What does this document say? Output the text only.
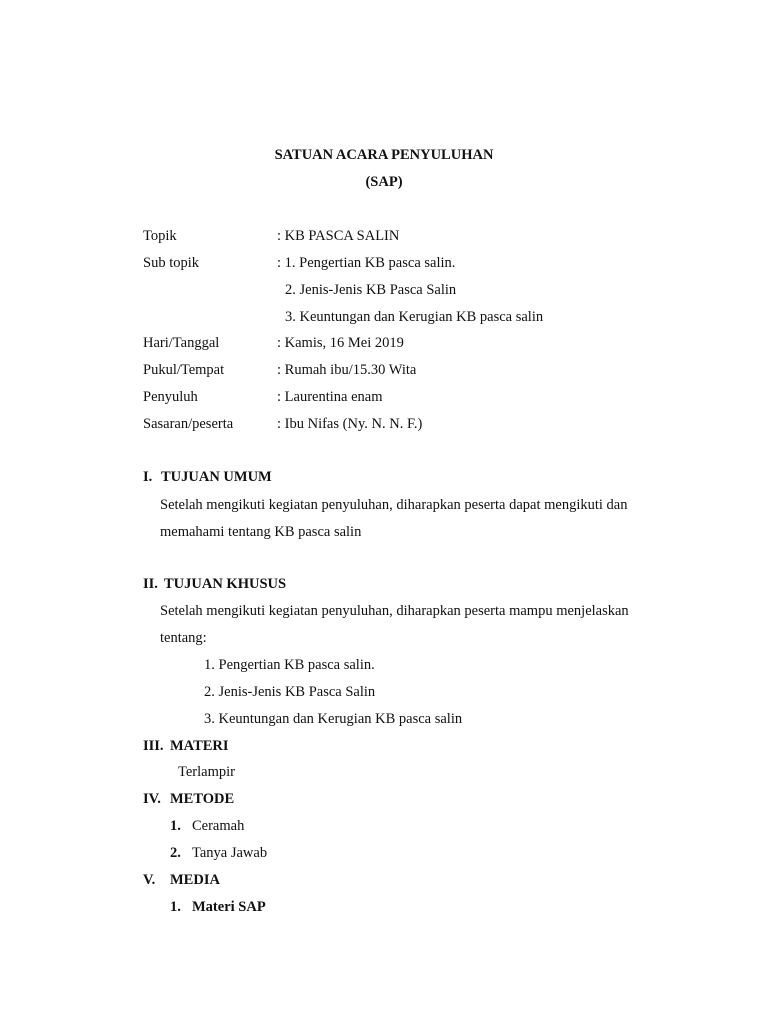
SATUAN ACARA PENYULUHAN
(SAP)
Topik	: KB PASCA SALIN
Sub topik	: 1. Pengertian KB pasca salin.
2. Jenis-Jenis KB Pasca Salin
3. Keuntungan dan Kerugian KB pasca salin
Hari/Tanggal	: Kamis, 16 Mei 2019
Pukul/Tempat	: Rumah ibu/15.30 Wita
Penyuluh	: Laurentina enam
Sasaran/peserta	: Ibu Nifas (Ny. N. N. F.)
I. TUJUAN UMUM
Setelah mengikuti kegiatan penyuluhan, diharapkan peserta dapat mengikuti dan
memahami tentang KB pasca salin
II. TUJUAN KHUSUS
Setelah mengikuti kegiatan penyuluhan, diharapkan peserta mampu menjelaskan
tentang:
1. Pengertian KB pasca salin.
2. Jenis-Jenis KB Pasca Salin
3. Keuntungan dan Kerugian KB pasca salin
III. MATERI
Terlampir
IV. METODE
1. Ceramah
2. Tanya Jawab
V. MEDIA
1. Materi SAP
